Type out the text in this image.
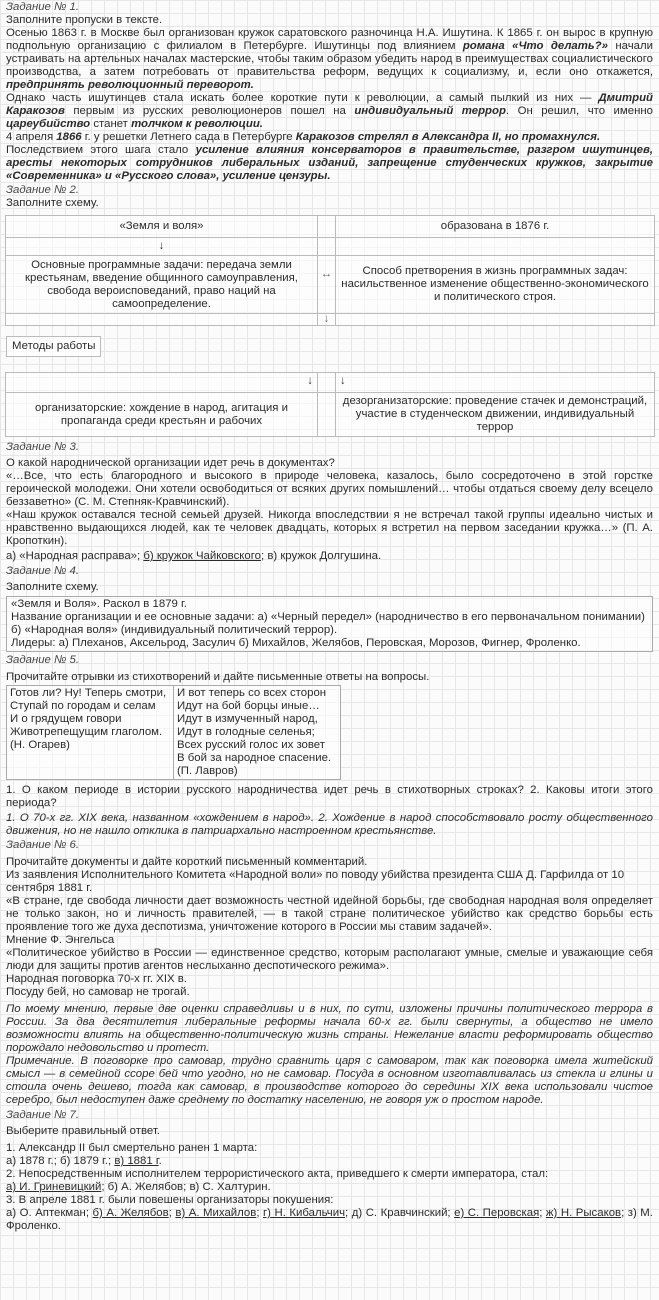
Задание № 1.

Заполните пропуски в тексте.

Осенью 1863 г. в Москве был организован кружок саратовского разночинца Н.А. Ишутина. К 1865 г. он вырос в крупную подпольную организацию с филиалом в Петербурге. Ишутинцы под влиянием романа «Что делать?» начали устраивать на артельных началах мастерские, чтобы таким образом убедить народ в преимуществах социалистического производства, а затем потребовать от правительства реформ, ведущих к социализму, и, если оно откажется, предпринять революционный переворот.

Однако часть ишутинцев стала искать более короткие пути к революции, а самый пылкий из них — Дмитрий Каракозов первым из русских революционеров пошел на индивидуальный террор. Он решил, что именно цареубийство станет толчком к революции.

4 апреля 1866 г. у решетки Летнего сада в Петербурге Каракозов стрелял в Александра II, но промахнулся.

Последствием этого шага стало усиление влияния консерваторов в правительстве, разгром ишутинцев, аресты некоторых сотрудников либеральных изданий, запрещение студенческих кружков, закрытие «Современника» и «Русского слова», усиление цензуры.

Задание № 2.

Заполните схему.

«Земля и воля»		образована в 1876 г.
↓		
Основные программные задачи: передача земли крестьянам, введение общинного самоуправления, свобода вероисповеданий, право наций на самоопределение.	↔	Способ претворения в жизнь программных задач: насильственное изменение общественно-экономического и политического строя.
	↓	
Методы работы
↓		↓
организаторские: хождение в народ, агитация и пропаганда среди крестьян и рабочих		дезорганизаторские: проведение стачек и демонстраций, участие в студенческом движении, индивидуальный террор

Задание № 3.

О какой народнической организации идет речь в документах?

«…Все, что есть благородного и высокого в природе человека, казалось, было сосредоточено в этой горстке героической молодежи. Они хотели освободиться от всяких других помышлений… чтобы отдаться своему делу всецело беззаветно» (С. М. Степняк-Кравчинский).

«Наш кружок оставался тесной семьей друзей. Никогда впоследствии я не встречал такой группы идеально чистых и нравственно выдающихся людей, как те человек двадцать, которых я встретил на первом заседании кружка…» (П. А. Кропоткин).

а) «Народная расправа»; б) кружок Чайковского; в) кружок Долгушина.

Задание № 4.

Заполните схему.

«Земля и Воля». Раскол в 1879 г.

Название организации и ее основные задачи: а) «Черный передел» (народничество в его первоначальном понимании) б) «Народная воля» (индивидуальный политический террор).

Лидеры: а) Плеханов, Аксельрод, Засулич б) Михайлов, Желябов, Перовская, Морозов, Фигнер, Фроленко.

Задание № 5.

Прочитайте отрывки из стихотворений и дайте письменные ответы на вопросы.

Готов ли? Ну! Теперь смотри,
Ступай по городам и селам
И о грядущем говори
Животрепещущим глаголом.
(Н. Огарев)

И вот теперь со всех сторон
Идут на бой борцы иные…
Идут в измученный народ,
Идут в голодные селенья;
Всех русский голос их зовет
В бой за народное спасение.
(П. Лавров)

1. О каком периоде в истории русского народничества идет речь в стихотворных строках? 2. Каковы итоги этого периода?

1. О 70-х гг. XIX века, названном «хождением в народ». 2. Хождение в народ способствовало росту общественного движения, но не нашло отклика в патриархально настроенном крестьянстве.

Задание № 6.

Прочитайте документы и дайте короткий письменный комментарий.

Из заявления Исполнительного Комитета «Народной воли» по поводу убийства президента США Д. Гарфилда от 10 сентября 1881 г.

«В стране, где свобода личности дает возможность честной идейной борьбы, где свободная народная воля определяет не только закон, но и личность правителей, — в такой стране политическое убийство как средство борьбы есть проявление того же духа деспотизма, уничтожение которого в России мы ставим задачей».

Мнение Ф. Энгельса

«Политическое убийство в России — единственное средство, которым располагают умные, смелые и уважающие себя люди для защиты против агентов неслыханно деспотического режима».

Народная поговорка 70-х гг. XIX в.

Посуду бей, но самовар не трогай.

По моему мнению, первые две оценки справедливы и в них, по сути, изложены причины политического террора в России. За два десятилетия либеральные реформы начала 60-х гг. были свернуты, а общество не имело возможности влиять на общественно-политическую жизнь страны. Нежелание власти реформировать общество порождало недовольство и протест.

Примечание. В поговорке про самовар, трудно сравнить царя с самоваром, так как поговорка имела житейский смысл — в семейной ссоре бей что угодно, но не самовар. Посуда в основном изготавливалась из стекла и глины и стоила очень дешево, тогда как самовар, в производстве которого до середины XIX века использовали чистое серебро, был недоступен даже среднему по достатку населению, не говоря уж о простом народе.

Задание № 7.

Выберите правильный ответ.

1. Александр II был смертельно ранен 1 марта:

а) 1878 г.; б) 1879 г.; в) 1881 г.

2. Непосредственным исполнителем террористического акта, приведшего к смерти императора, стал:

а) И. Гриневицкий; б) А. Желябов; в) С. Халтурин.

3. В апреле 1881 г. были повешены организаторы покушения:

а) О. Аптекман; б) А. Желябов; в) А. Михайлов; г) Н. Кибальчич; д) С. Кравчинский; е) С. Перовская; ж) Н. Рысаков; з) М. Фроленко.
